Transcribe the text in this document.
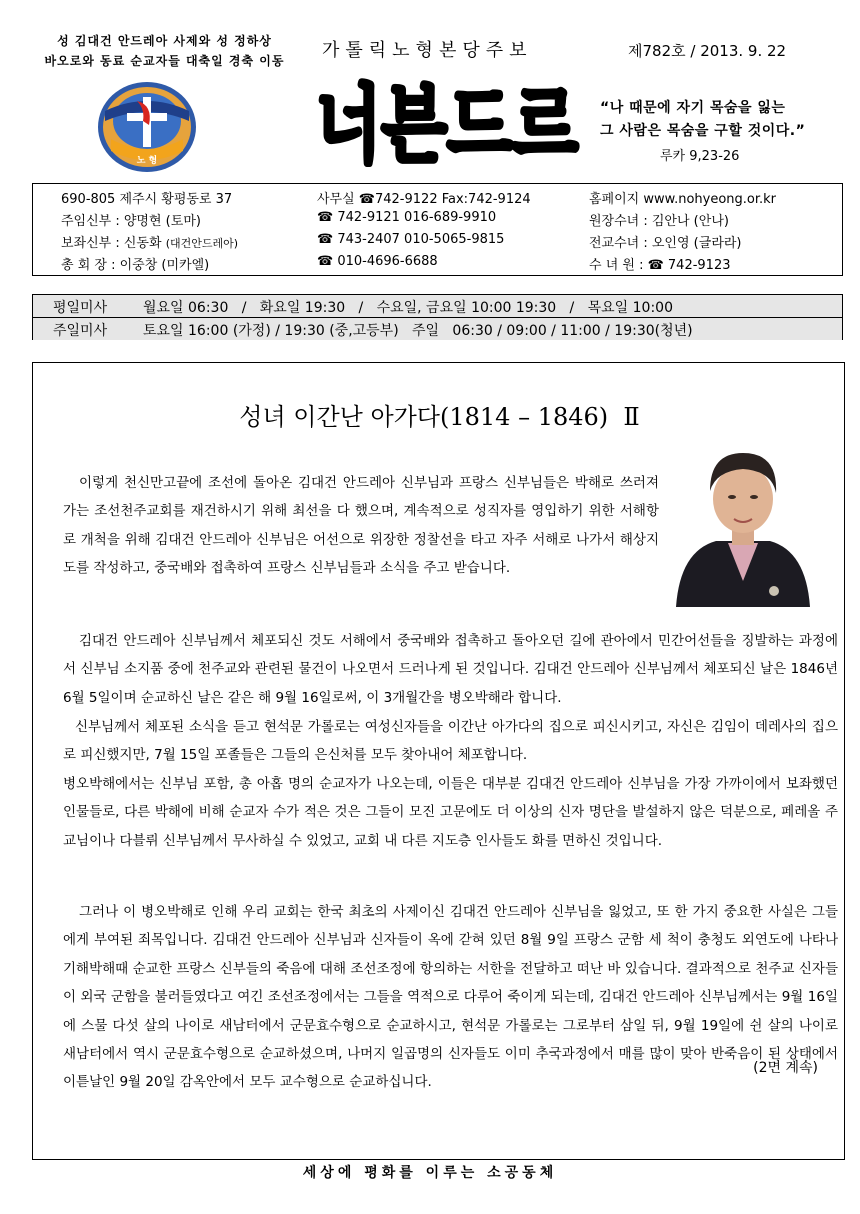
성 김대건 안드레아 사제와 성 정하상
바오로와 동료 순교자들 대축일 경축 이동	가톨릭노형본당주보	제782호 / 2013. 9. 22
노 형 너븐드르 “나 때문에 자기 목숨을 잃는
그 사람은 목숨을 구할 것이다.”
루카 9,23-26
690-805 제주시 황평동로 37	사무실 ☎742-9122 Fax:742-9124	홈페이지 www.nohyeong.or.kr
주임신부 : 양명현 (토마)	☎ 742-9121 016-689-9910	원장수녀 : 김안나 (안나)
보좌신부 : 신동화 (대건안드레아)	☎ 743-2407 010-5065-9815	전교수녀 : 오인영 (글라라)
총 회 장 : 이중창 (미카엘)	☎ 010-4696-6688	수 녀 원 : ☎ 742-9123
평일미사	월요일 06:30   /   화요일 19:30   /   수요일, 금요일 10:00 19:30   /   목요일 10:00
주일미사	토요일 16:00 (가정) / 19:30 (중,고등부)   주일   06:30 / 09:00 / 11:00 / 19:30(청년)
성녀 이간난 아가다(1814 – 1846)  Ⅱ
이렇게 천신만고끝에 조선에 돌아온 김대건 안드레아 신부님과 프랑스 신부님들은 박해로 쓰러져 가는 조선천주교회를 재건하시기 위해 최선을 다 했으며, 계속적으로 성직자를 영입하기 위한 서해항로 개척을 위해 김대건 안드레아 신부님은 어선으로 위장한 정찰선을 타고 자주 서해로 나가서 해상지도를 작성하고, 중국배와 접촉하여 프랑스 신부님들과 소식을 주고 받습니다.
김대건 안드레아 신부님께서 체포되신 것도 서해에서 중국배와 접촉하고 돌아오던 길에 관아에서 민간어선들을 징발하는 과정에서 신부님 소지품 중에 천주교와 관련된 물건이 나오면서 드러나게 된 것입니다. 김대건 안드레아 신부님께서 체포되신 날은 1846년 6월 5일이며 순교하신 날은 같은 해 9월 16일로써, 이 3개월간을 병오박해라 합니다.
신부님께서 체포된 소식을 듣고 현석문 가롤로는 여성신자들을 이간난 아가다의 집으로 피신시키고, 자신은 김임이 데레사의 집으로 피신했지만, 7월 15일 포졸들은 그들의 은신처를 모두 찾아내어 체포합니다.
병오박해에서는 신부님 포함, 총 아홉 명의 순교자가 나오는데, 이들은 대부분 김대건 안드레아 신부님을 가장 가까이에서 보좌했던 인물들로, 다른 박해에 비해 순교자 수가 적은 것은 그들이 모진 고문에도 더 이상의 신자 명단을 발설하지 않은 덕분으로, 페레올 주교님이나 다블뤼 신부님께서 무사하실 수 있었고, 교회 내 다른 지도층 인사들도 화를 면하신 것입니다.
그러나 이 병오박해로 인해 우리 교회는 한국 최초의 사제이신 김대건 안드레아 신부님을 잃었고, 또 한 가지 중요한 사실은 그들에게 부여된 죄목입니다. 김대건 안드레아 신부님과 신자들이 옥에 갇혀 있던 8월 9일 프랑스 군함 세 척이 충청도 외연도에 나타나 기해박해때 순교한 프랑스 신부들의 죽음에 대해 조선조정에 항의하는 서한을 전달하고 떠난 바 있습니다. 결과적으로 천주교 신자들이 외국 군함을 불러들였다고 여긴 조선조정에서는 그들을 역적으로 다루어 죽이게 되는데, 김대건 안드레아 신부님께서는 9월 16일에 스물 다섯 살의 나이로 새남터에서 군문효수형으로 순교하시고, 현석문 가롤로는 그로부터 삼일 뒤, 9월 19일에 쉰 살의 나이로 새남터에서 역시 군문효수형으로 순교하셨으며, 나머지 일곱명의 신자들도 이미 추국과정에서 매를 많이 맞아 반죽음이 된 상태에서 이튿날인 9월 20일 감옥안에서 모두 교수형으로 순교하십니다.
(2면 계속)
세상에 평화를 이루는 소공동체
